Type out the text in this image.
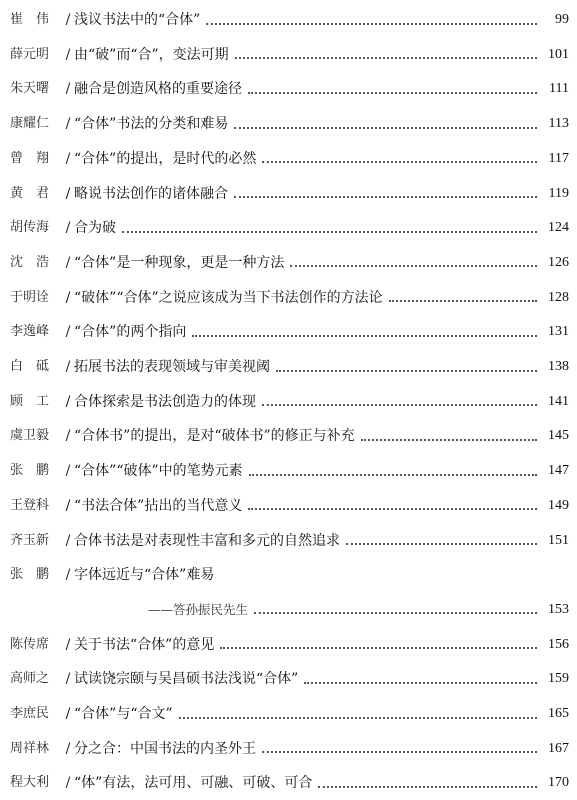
崔　伟	/ 浅议书法中的“合体”	99
薛元明	/ 由“破”而“合”，变法可期	101
朱天曙	/ 融合是创造风格的重要途径	111
康耀仁	/ “合体”书法的分类和难易	113
曾　翔	/ “合体”的提出，是时代的必然	117
黄　君	/ 略说书法创作的诸体融合	119
胡传海	/ 合为破	124
沈　浩	/ “合体”是一种现象，更是一种方法	126
于明诠	/ “破体”“合体”之说应该成为当下书法创作的方法论	128
李逸峰	/ “合体”的两个指向	131
白　砥	/ 拓展书法的表现领域与审美视阈	138
顾　工	/ 合体探索是书法创造力的体现	141
虞卫毅	/ “合体书”的提出，是对“破体书”的修正与补充	145
张　鹏	/ “合体”“破体”中的笔势元素	147
王登科	/ “书法合体”拈出的当代意义	149
齐玉新	/ 合体书法是对表现性丰富和多元的自然追求	151
张　鹏	/ 字体远近与“合体”难易
——答孙振民先生	153
陈传席	/ 关于书法“合体”的意见	156
高师之	/ 试读饶宗颐与吴昌硕书法浅说“合体”	159
李庶民	/ “合体”与“合文”	165
周祥林	/ 分之合：中国书法的内圣外王	167
程大利	/ “体”有法，法可用、可融、可破、可合	170
